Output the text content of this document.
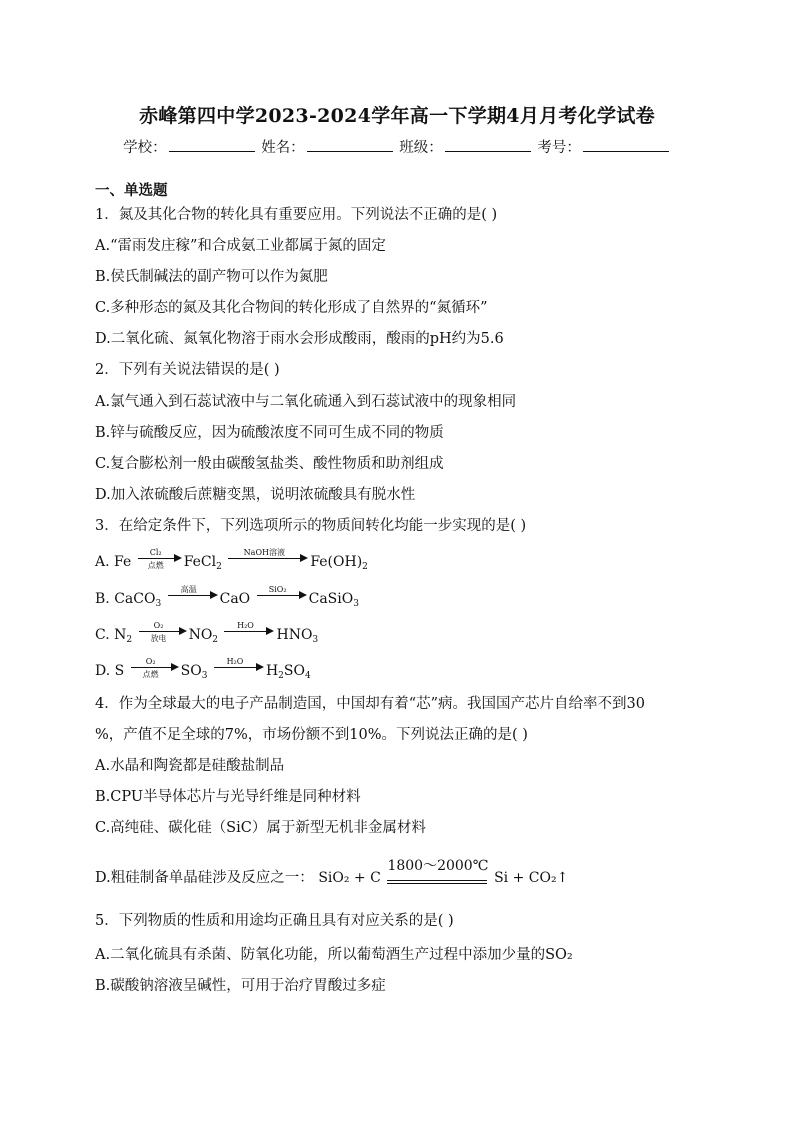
赤峰第四中学2023-2024学年高一下学期4月月考化学试卷
学校：	姓名：	班级：	考号：
一、单选题
1．氮及其化合物的转化具有重要应用。下列说法不正确的是( )
A.“雷雨发庄稼”和合成氨工业都属于氮的固定
B.侯氏制碱法的副产物可以作为氮肥
C.多种形态的氮及其化合物间的转化形成了自然界的“氮循环”
D.二氧化硫、氮氧化物溶于雨水会形成酸雨，酸雨的pH约为5.6
2．下列有关说法错误的是( )
A.氯气通入到石蕊试液中与二氧化硫通入到石蕊试液中的现象相同
B.锌与硫酸反应，因为硫酸浓度不同可生成不同的物质
C.复合膨松剂一般由碳酸氢盐类、酸性物质和助剂组成
D.加入浓硫酸后蔗糖变黑，说明浓硫酸具有脱水性
3．在给定条件下，下列选项所示的物质间转化均能一步实现的是( )
A. Fe
Cl₂
点燃	FeCl$_2$
NaOH溶液
$Fe(OH)_2$
B. CaCO$_3$
高温
CaO
SiO₂
CaSiO$_3$
C. $N_2$
O₂
放电	$NO_2$
H₂O
$HNO_3$
D. S
O₂
点燃	$SO_3$
H₂O
$H_2SO_4$
4．作为全球最大的电子产品制造国，中国却有着“芯”病。我国国产芯片自给率不到30
%，产值不足全球的7%，市场份额不到10%。下列说法正确的是( )
A.水晶和陶瓷都是硅酸盐制品
B.CPU半导体芯片与光导纤维是同种材料
C.高纯硅、碳化硅（SiC）属于新型无机非金属材料
D.粗硅制备单晶硅涉及反应之一： SiO₂ + C
1800～2000℃
Si + CO₂↑
5．下列物质的性质和用途均正确且具有对应关系的是( )
A.二氧化硫具有杀菌、防氧化功能，所以葡萄酒生产过程中添加少量的SO₂
B.碳酸钠溶液呈碱性，可用于治疗胃酸过多症
